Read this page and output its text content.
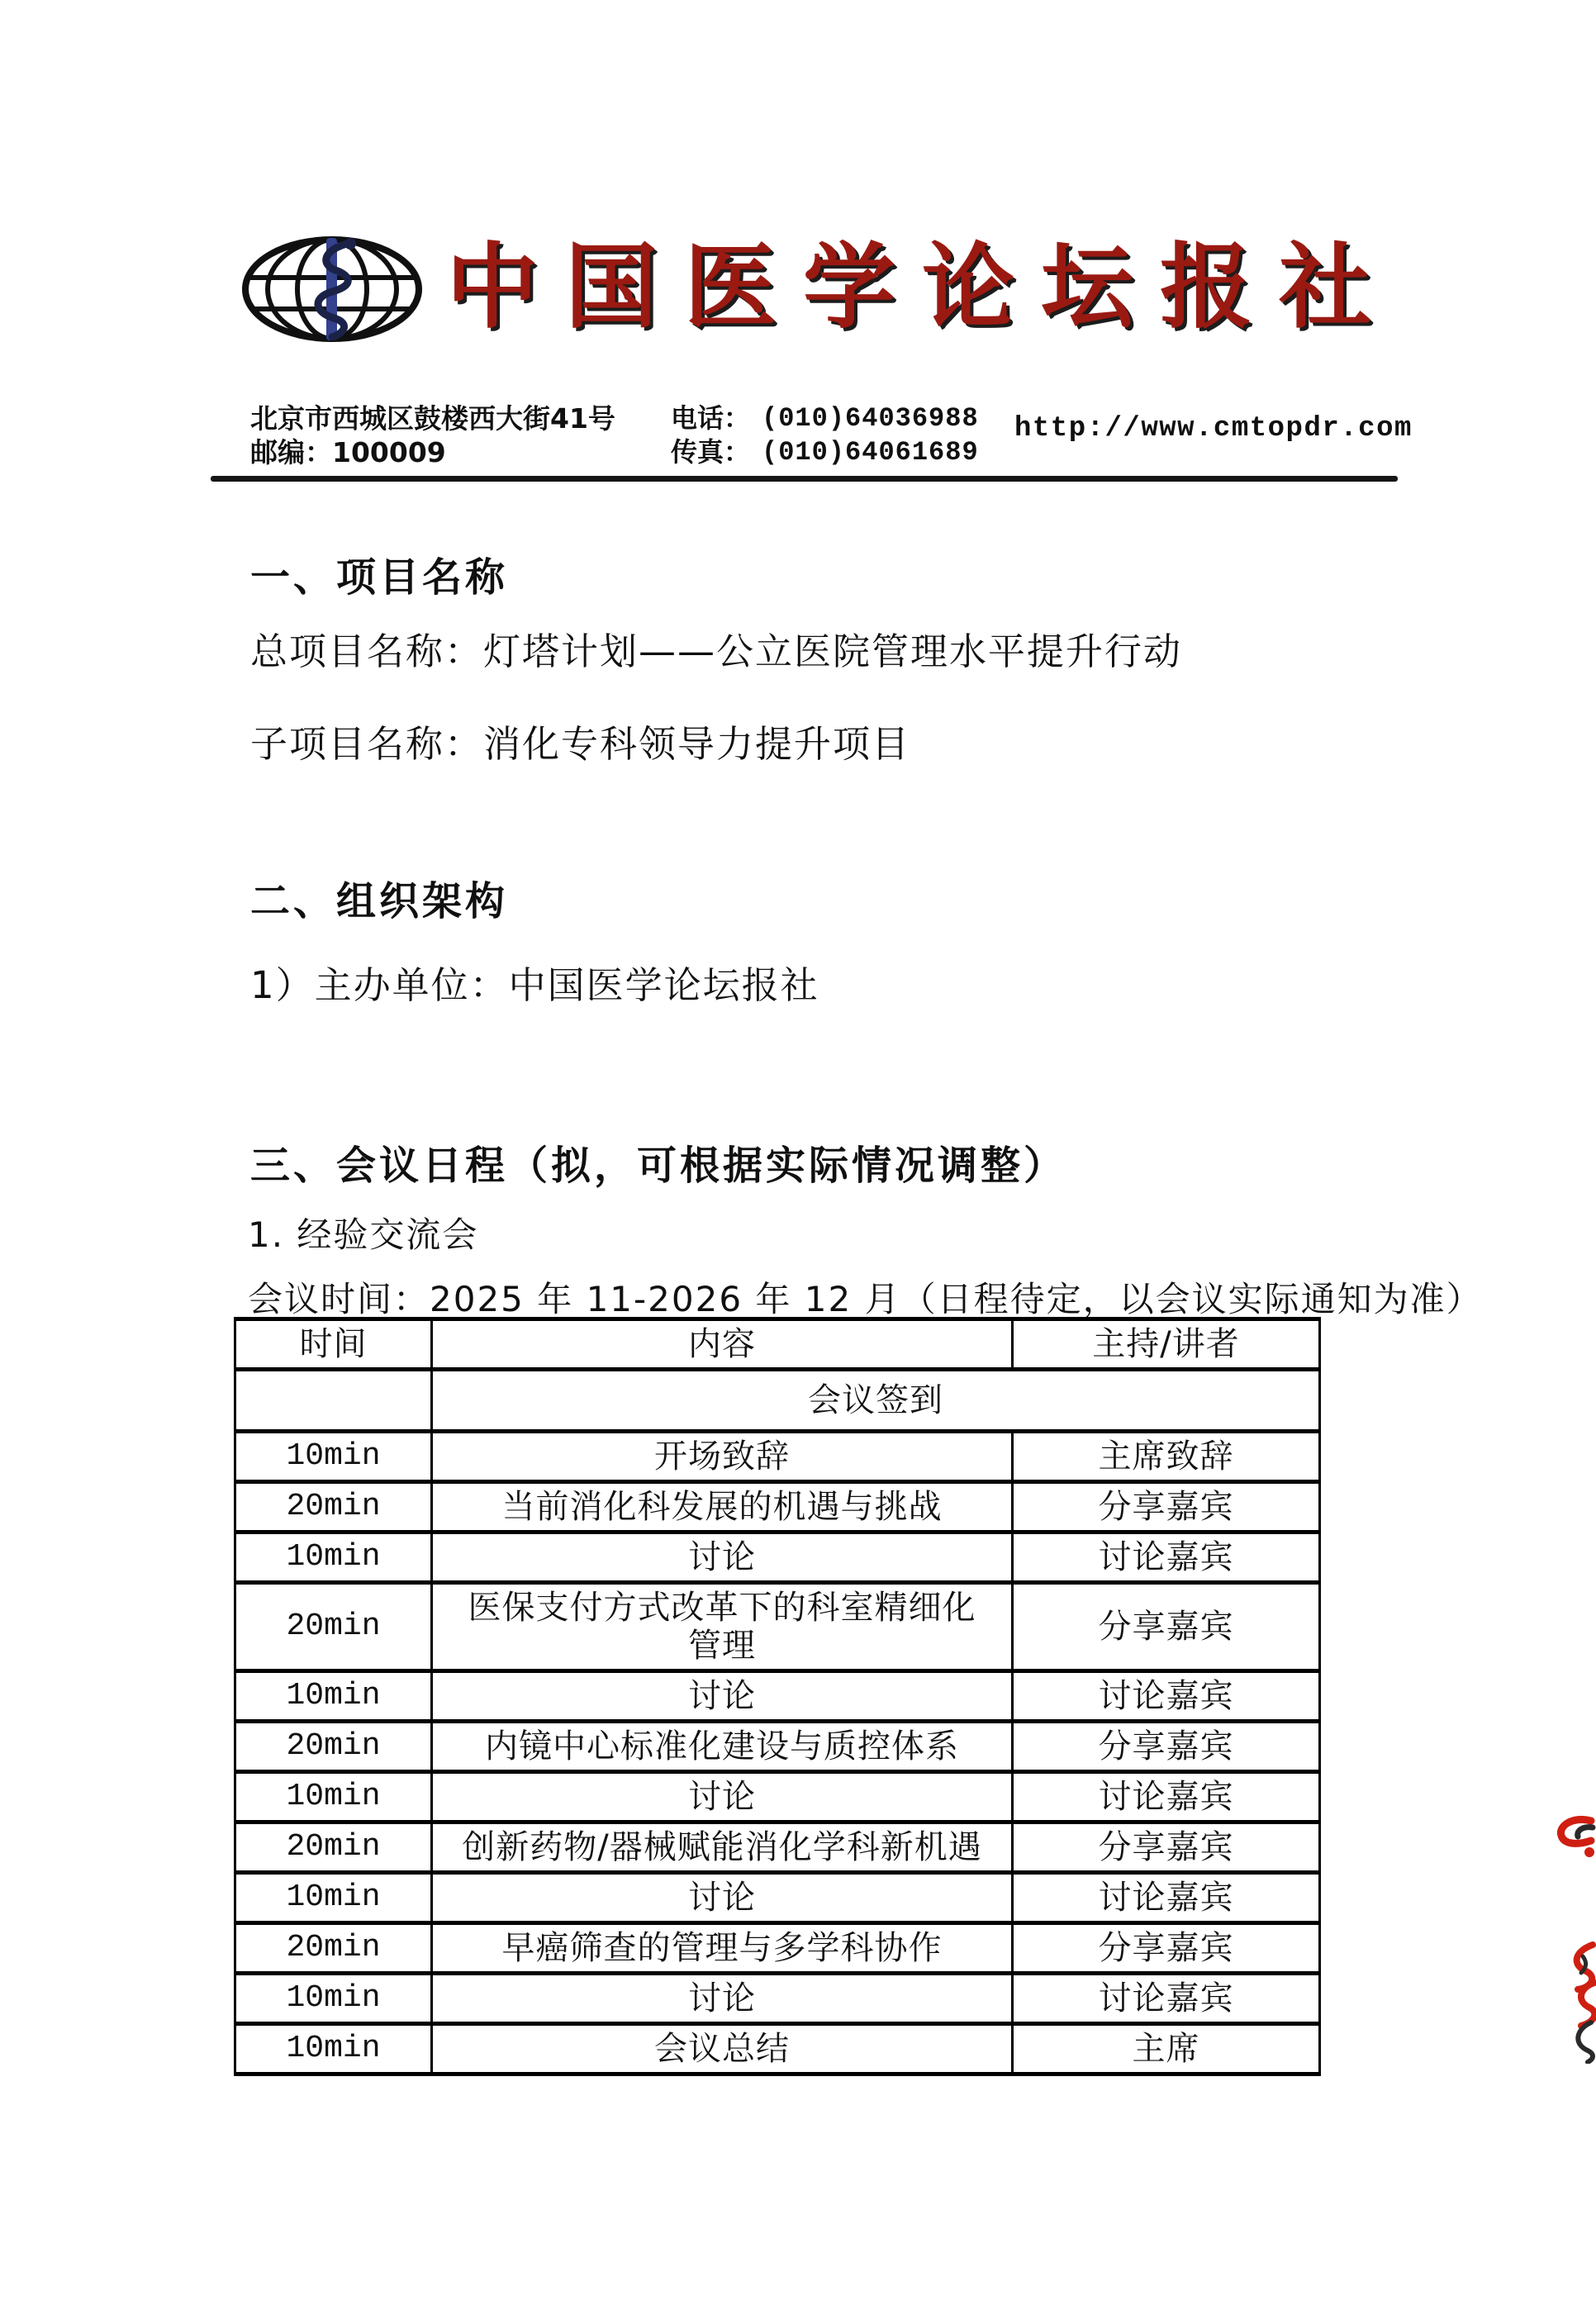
中国医学论坛报社
北京市西城区鼓楼西大街41号
邮编：100009
电话： (010)64036988
传真： (010)64061689
http://www.cmtopdr.com
一、项目名称
总项目名称：灯塔计划——公立医院管理水平提升行动
子项目名称：消化专科领导力提升项目
二、组织架构
1）主办单位：中国医学论坛报社
三、会议日程（拟，可根据实际情况调整）
1. 经验交流会
会议时间：2025 年 11-2026 年 12 月（日程待定，以会议实际通知为准）
时间	内容	主持/讲者
	会议签到	
10min	开场致辞	主席致辞
20min	当前消化科发展的机遇与挑战	分享嘉宾
10min	讨论	讨论嘉宾
20min	医保支付方式改革下的科室精细化管理	分享嘉宾
10min	讨论	讨论嘉宾
20min	内镜中心标准化建设与质控体系	分享嘉宾
10min	讨论	讨论嘉宾
20min	创新药物/器械赋能消化学科新机遇	分享嘉宾
10min	讨论	讨论嘉宾
20min	早癌筛查的管理与多学科协作	分享嘉宾
10min	讨论	讨论嘉宾
10min	会议总结	主席
